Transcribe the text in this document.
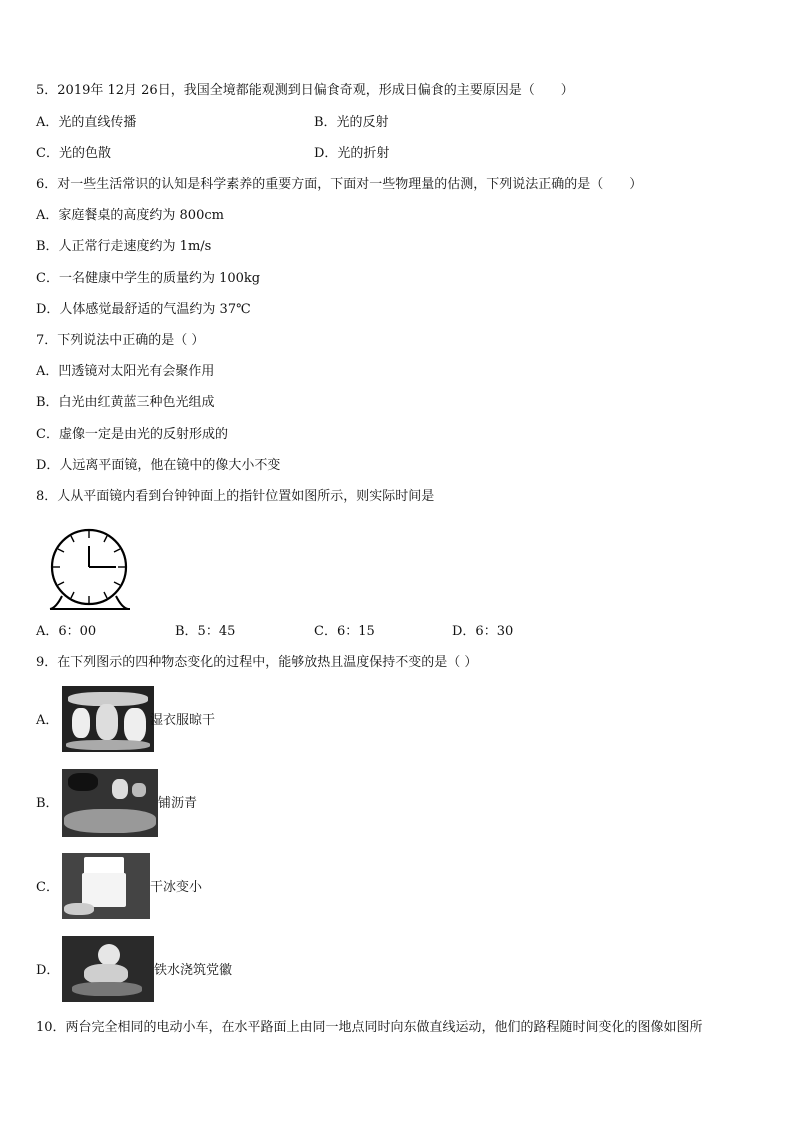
5．2019年 12月 26日，我国全境都能观测到日偏食奇观，形成日偏食的主要原因是（　　）
A．光的直线传播	B．光的反射
C．光的色散	D．光的折射
6．对一些生活常识的认知是科学素养的重要方面，下面对一些物理量的估测，下列说法正确的是（　　）
A．家庭餐桌的高度约为 800cm
B．人正常行走速度约为 1m/s
C．一名健康中学生的质量约为 100kg
D．人体感觉最舒适的气温约为 37℃
7．下列说法中正确的是（ ）
A．凹透镜对太阳光有会聚作用
B．白光由红黄蓝三种色光组成
C．虚像一定是由光的反射形成的
D．人远离平面镜，他在镜中的像大小不变
8．人从平面镜内看到台钟钟面上的指针位置如图所示，则实际时间是
A．6：00	B．5：45	C．6：15	D．6：30
9．在下列图示的四种物态变化的过程中，能够放热且温度保持不变的是（ ）
A．	湿衣服晾干
B．	铺沥青
C．	干冰变小
D．	铁水浇筑党徽
10．两台完全相同的电动小车，在水平路面上由同一地点同时向东做直线运动，他们的路程随时间变化的图像如图所
